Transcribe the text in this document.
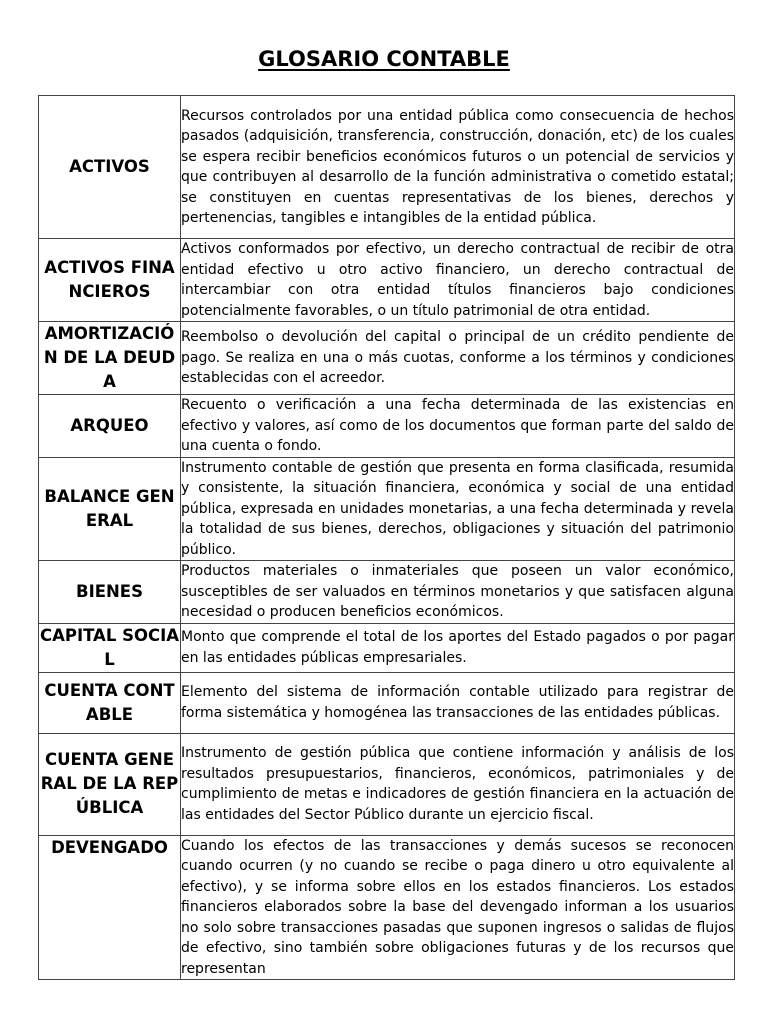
GLOSARIO CONTABLE
ACTIVOS	Recursos controlados por una entidad pública como consecuencia de hechos pasados (adquisición, transferencia, construcción, donación, etc) de los cuales se espera recibir beneficios económicos futuros o un potencial de servicios y que contribuyen al desarrollo de la función administrativa o cometido estatal; se constituyen en cuentas representativas de los bienes, derechos y pertenencias, tangibles e intangibles de la entidad pública.

ACTIVOS FINANCIEROS	Activos conformados por efectivo, un derecho contractual de recibir de otra entidad efectivo u otro activo financiero, un derecho contractual de intercambiar con otra entidad títulos financieros bajo condiciones potencialmente favorables, o un título patrimonial de otra entidad.

AMORTIZACIÓN DE LA DEUDA	Reembolso o devolución del capital o principal de un crédito pendiente de pago. Se realiza en una o más cuotas, conforme a los términos y condiciones establecidas con el acreedor.

ARQUEO	Recuento o verificación a una fecha determinada de las existencias en efectivo y valores, así como de los documentos que forman parte del saldo de una cuenta o fondo.

BALANCE GENERAL	Instrumento contable de gestión que presenta en forma clasificada, resumida y consistente, la situación financiera, económica y social de una entidad pública, expresada en unidades monetarias, a una fecha determinada y revela la totalidad de sus bienes, derechos, obligaciones y situación del patrimonio público.

BIENES	Productos materiales o inmateriales que poseen un valor económico, susceptibles de ser valuados en términos monetarios y que satisfacen alguna necesidad o producen beneficios económicos.

CAPITAL SOCIAL	Monto que comprende el total de los aportes del Estado pagados o por pagar en las entidades públicas empresariales.

CUENTA CONTABLE	Elemento del sistema de información contable utilizado para registrar de forma sistemática y homogénea las transacciones de las entidades públicas.

CUENTA GENERAL DE LA REPÚBLICA	Instrumento de gestión pública que contiene información y análisis de los resultados presupuestarios, financieros, económicos, patrimoniales y de cumplimiento de metas e indicadores de gestión financiera en la actuación de las entidades del Sector Público durante un ejercicio fiscal.

DEVENGADO	Cuando los efectos de las transacciones y demás sucesos se reconocen cuando ocurren (y no cuando se recibe o paga dinero u otro equivalente al efectivo), y se informa sobre ellos en los estados financieros. Los estados financieros elaborados sobre la base del devengado informan a los usuarios no solo sobre transacciones pasadas que suponen ingresos o salidas de flujos de efectivo, sino también sobre obligaciones futuras y de los recursos que representan
